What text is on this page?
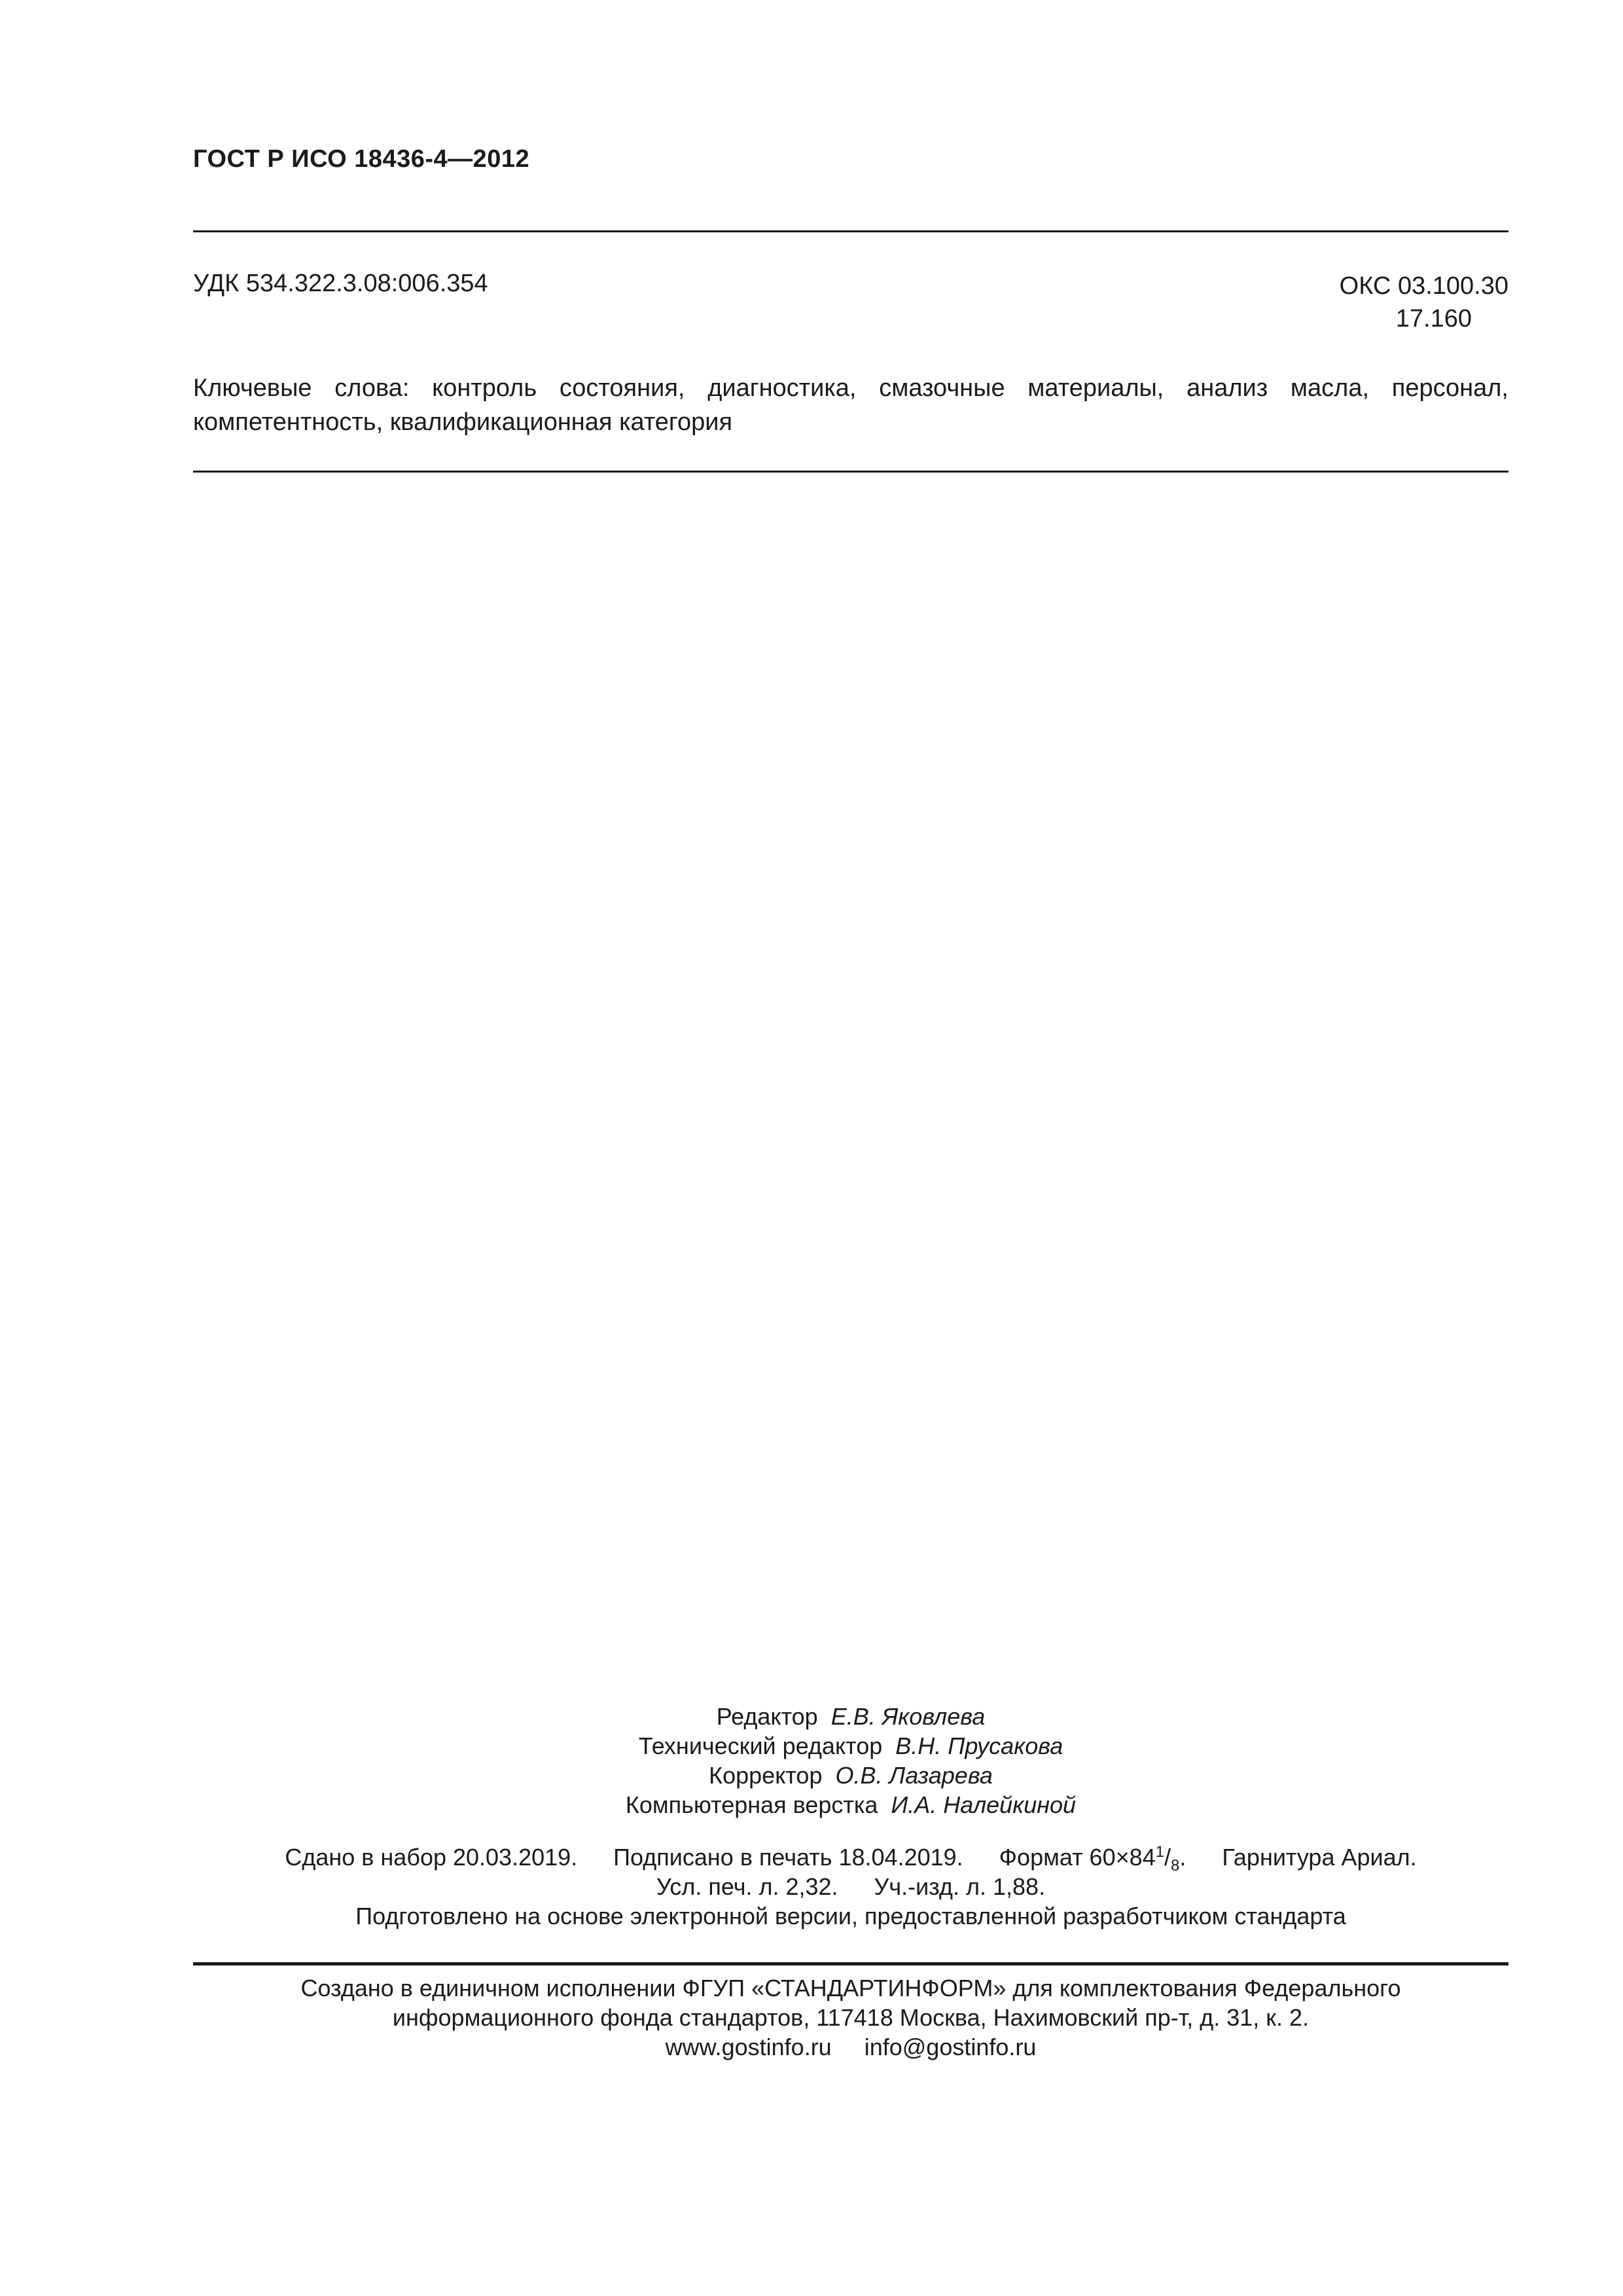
ГОСТ Р ИСО 18436-4—2012
УДК 534.322.3.08:006.354	ОКС 03.100.30
17.160
Ключевые слова: контроль состояния, диагностика, смазочные материалы, анализ масла, персонал, компетентность, квалификационная категория
Редактор Е.В. Яковлева
Технический редактор В.Н. Прусакова
Корректор О.В. Лазарева
Компьютерная верстка И.А. Налейкиной
Сдано в набор 20.03.2019. Подписано в печать 18.04.2019. Формат $60\times 84^1/_8$. Гарнитура Ариал.
Усл. печ. л. 2,32. Уч.-изд. л. 1,88.
Подготовлено на основе электронной версии, предоставленной разработчиком стандарта
Создано в единичном исполнении ФГУП «СТАНДАРТИНФОРМ» для комплектования Федерального
информационного фонда стандартов, 117418 Москва, Нахимовский пр-т, д. 31, к. 2.
www.gostinfo.ru info@gostinfo.ru
